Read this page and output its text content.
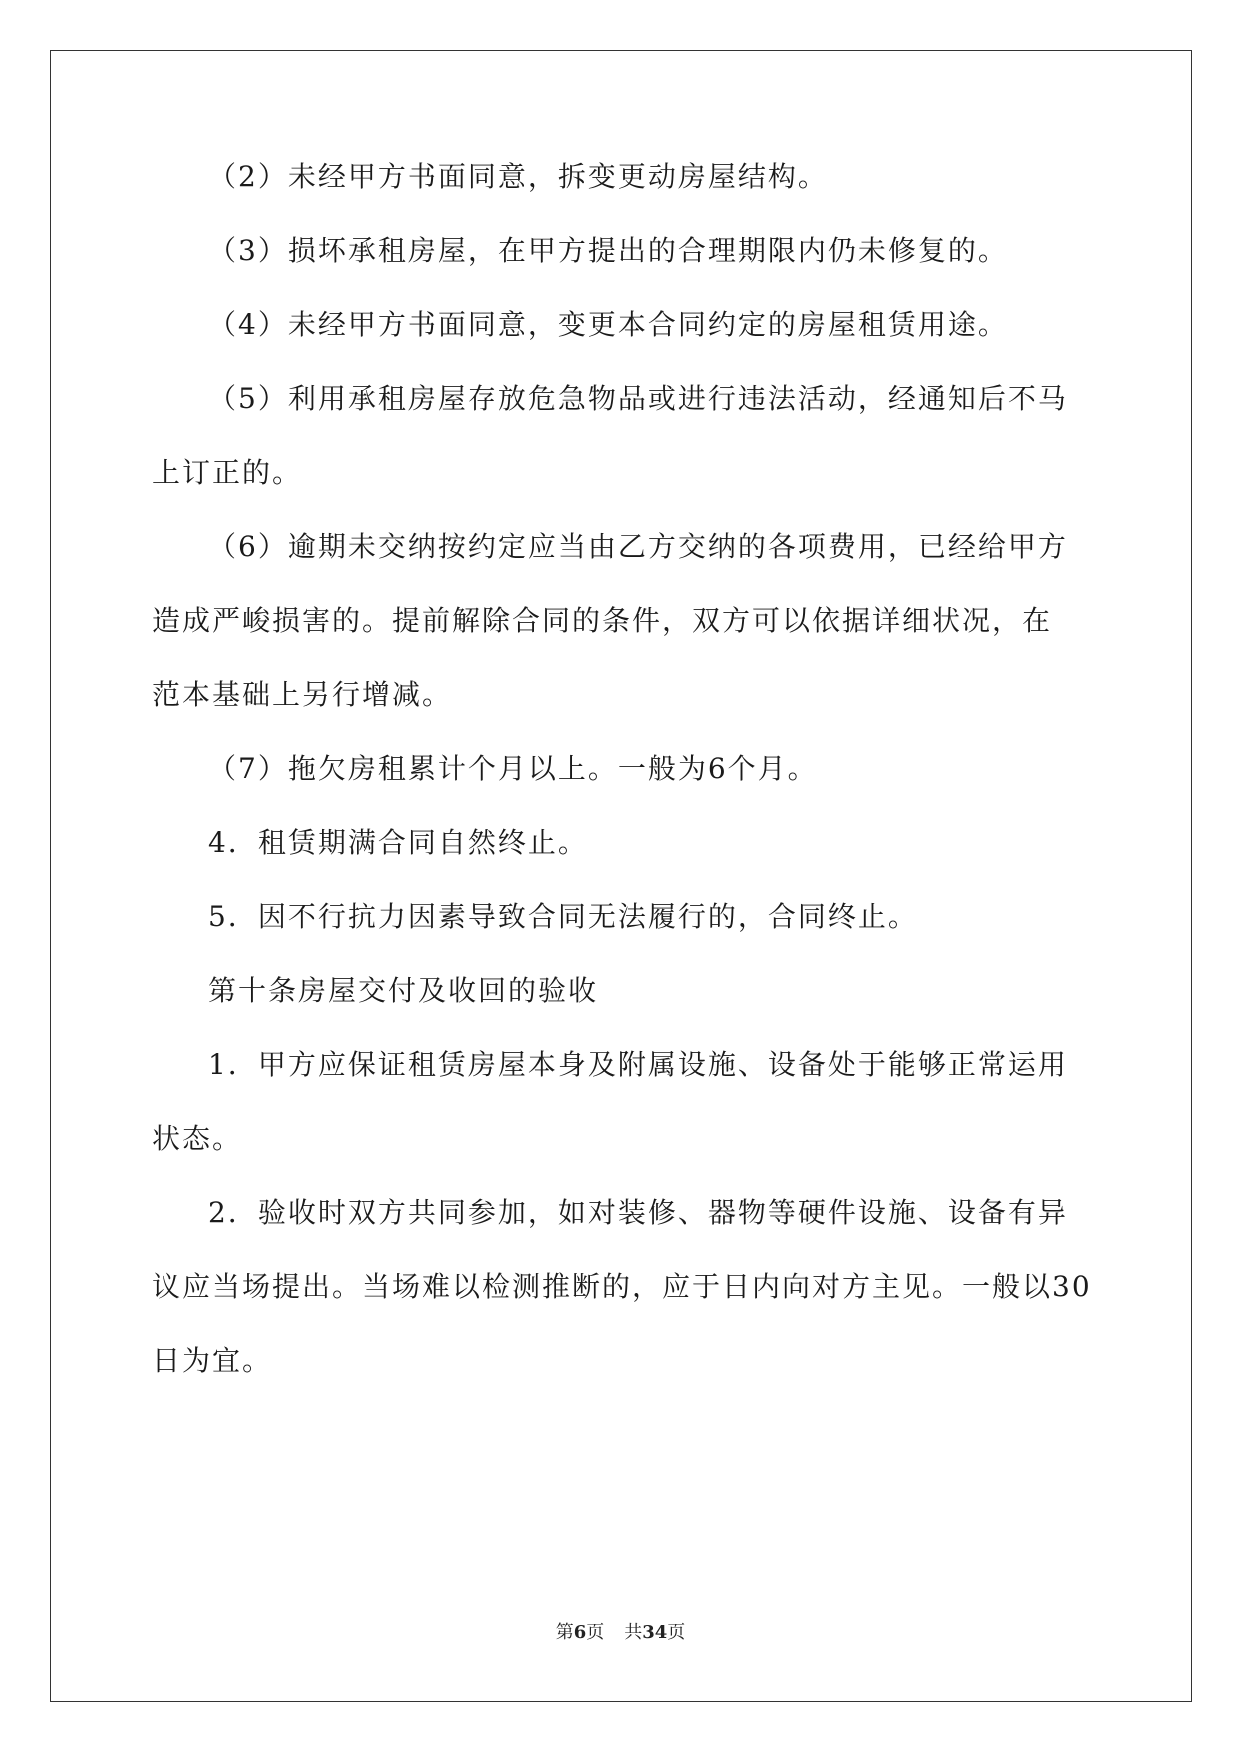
（2）未经甲方书面同意，拆变更动房屋结构。
（3）损坏承租房屋，在甲方提出的合理期限内仍未修复的。
（4）未经甲方书面同意，变更本合同约定的房屋租赁用途。
（5）利用承租房屋存放危急物品或进行违法活动，经通知后不马
上订正的。
（6）逾期未交纳按约定应当由乙方交纳的各项费用，已经给甲方
造成严峻损害的。提前解除合同的条件，双方可以依据详细状况，在
范本基础上另行增减。
（7）拖欠房租累计个月以上。一般为6个月。
4．租赁期满合同自然终止。
5．因不行抗力因素导致合同无法履行的，合同终止。
第十条房屋交付及收回的验收
1．甲方应保证租赁房屋本身及附属设施、设备处于能够正常运用
状态。
2．验收时双方共同参加，如对装修、器物等硬件设施、设备有异
议应当场提出。当场难以检测推断的，应于日内向对方主见。一般以30
日为宜。
第6页 共34页
